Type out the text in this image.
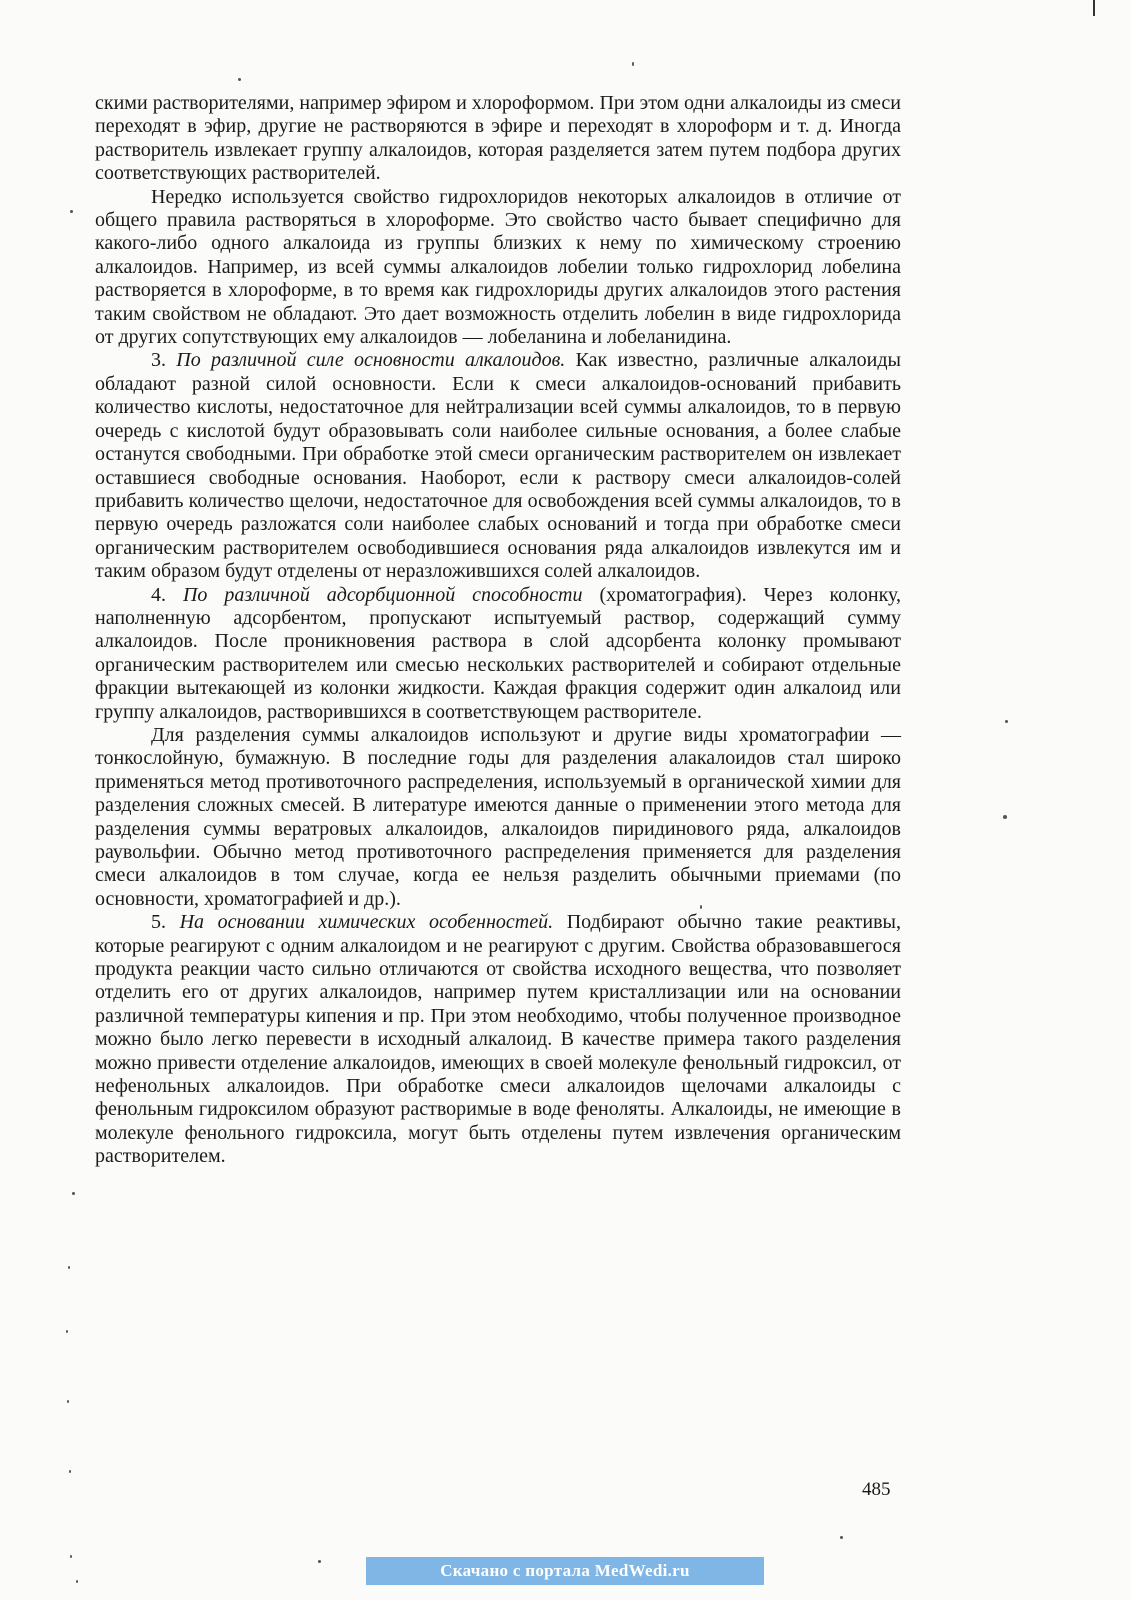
скими растворителями, например эфиром и хлороформом. При этом одни алкалоиды из смеси переходят в эфир, другие не растворяются в эфире и переходят в хлороформ и т. д. Иногда растворитель извлекает группу алкалоидов, которая разделяется затем путем подбора других соответствующих растворителей.

Нередко используется свойство гидрохлоридов некоторых алкалоидов в отличие от общего правила растворяться в хлороформе. Это свойство часто бывает специфично для какого-либо одного алкалоида из группы близких к нему по химическому строению алкалоидов. Например, из всей суммы алкалоидов лобелии только гидрохлорид лобелина растворяется в хлороформе, в то время как гидрохлориды других алкалоидов этого растения таким свойством не обладают. Это дает возможность отделить лобелин в виде гидрохлорида от других сопутствующих ему алкалоидов — лобеланина и лобеланидина.

3. По различной силе основности алкалоидов. Как известно, различные алкалоиды обладают разной силой основности. Если к смеси алкалоидов-оснований прибавить количество кислоты, недостаточное для нейтрализации всей суммы алкалоидов, то в первую очередь с кислотой будут образовывать соли наиболее сильные основания, а более слабые останутся свободными. При обработке этой смеси органическим растворителем он извлекает оставшиеся свободные основания. Наоборот, если к раствору смеси алкалоидов-солей прибавить количество щелочи, недостаточное для освобождения всей суммы алкалоидов, то в первую очередь разложатся соли наиболее слабых оснований и тогда при обработке смеси органическим растворителем освободившиеся основания ряда алкалоидов извлекутся им и таким образом будут отделены от неразложившихся солей алкалоидов.

4. По различной адсорбционной способности (хроматография). Через колонку, наполненную адсорбентом, пропускают испытуемый раствор, содержащий сумму алкалоидов. После проникновения раствора в слой адсорбента колонку промывают органическим растворителем или смесью нескольких растворителей и собирают отдельные фракции вытекающей из колонки жидкости. Каждая фракция содержит один алкалоид или группу алкалоидов, растворившихся в соответствующем растворителе.

Для разделения суммы алкалоидов используют и другие виды хроматографии — тонкослойную, бумажную. В последние годы для разделения алакалоидов стал широко применяться метод противоточного распределения, используемый в органической химии для разделения сложных смесей. В литературе имеются данные о применении этого метода для разделения суммы вератровых алкалоидов, алкалоидов пиридинового ряда, алкалоидов раувольфии. Обычно метод противоточного распределения применяется для разделения смеси алкалоидов в том случае, когда ее нельзя разделить обычными приемами (по основности, хроматографией и др.).

5. На основании химических особенностей. Подбирают обычно такие реактивы, которые реагируют с одним алкалоидом и не реагируют с другим. Свойства образовавшегося продукта реакции часто сильно отличаются от свойства исходного вещества, что позволяет отделить его от других алкалоидов, например путем кристаллизации или на основании различной температуры кипения и пр. При этом необходимо, чтобы полученное производное можно было легко перевести в исходный алкалоид. В качестве примера такого разделения можно привести отделение алкалоидов, имеющих в своей молекуле фенольный гидроксил, от нефенольных алкалоидов. При обработке смеси алкалоидов щелочами алкалоиды с фенольным гидроксилом образуют растворимые в воде феноляты. Алкалоиды, не имеющие в молекуле фенольного гидроксила, могут быть отделены путем извлечения органическим растворителем.

485
Скачано с портала MedWedi.ru
